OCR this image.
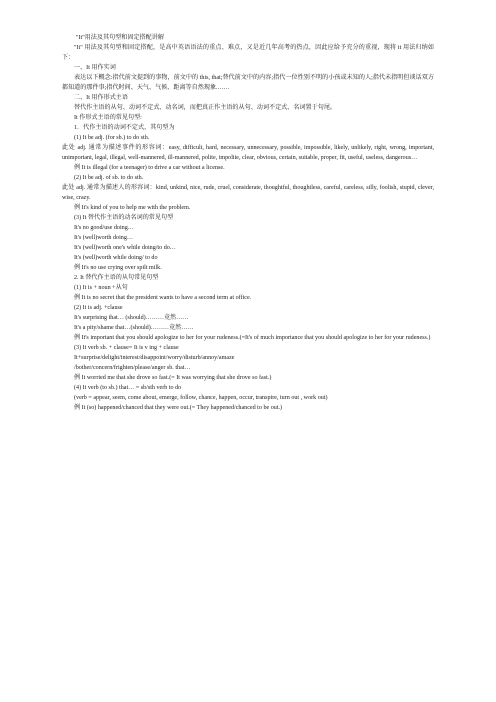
"It"用法及其句型和固定搭配讲解
"It" 用法及其句型和固定搭配，是高中英语语法的重点、难点，又是近几年高考的热点，因此应给予充分的重视，现将 it 用法归纳如下：
一、It 用作实词
表达以下概念:指代前文提到的事物，前文中的 this, that;替代前文中的内容;指代一位性别不明的小孩或未知的人;指代未指明但谈话双方都知道的那件事;指代时间、天气、气候、距离等自然现象.……
二、It 用作形式主语
替代作主语的从句、动词不定式、动名词，而把真正作主语的从句、动词不定式、名词置于句尾。
It 作形式主语的常见句型:
1．代作主语的动词不定式，其句型为
(1) It be adj. (for sb.) to do sth.
此处 adj. 通常为描述事件的形容词：easy, difficult, hard, necessary, unnecessary, possible, impossible, likely, unlikely, right, wrong, important, unimportant, legal, illegal, well-mannered, ill-mannered, polite, impolite, clear, obvious, certain, suitable, proper, fit, useful, useless, dangerous…
例 It is illegal (for a teenager) to drive a car without a license.
(2) It be adj. of sb. to do sth.
此处 adj. 通常为描述人的形容词：kind, unkind, nice, rude, cruel, considerate, thoughtful, thoughtless, careful, careless, silly, foolish, stupid, clever, wise, crazy.
例 It's kind of you to help me with the problem.
(3) It 替代作主语的动名词的常见句型
It's no good/use doing…
It's (well)worth doing…
It's (well)worth one's while doing/to do…
It's (well)worth while doing/ to do
例 It's no use crying over spilt milk.
2. It 替代作主语的从句常见句型
(1) It is + noun +从句
例 It is no secret that the president wants to have a second term at office.
(2) It is adj. +clause
It's surprising that… (should)………竟然……
It's a pity/shame that…(should)………竟然……
例 It's important that you should apologize to her for your rudeness.(=It's of much importance that you should apologize to her for your rudeness.)
(3) It verb sb. + clause= It is v ing + clause
It+surprise/delight/interest/disappoint/worry/disturb/annoy/amaze
/bother/concern/frighten/please/anger sb. that…
例 It worried me that she drove so fast.(= It was worrying that she drove so fast.)
(4) It verb (to sb.) that… = sb/sth verb to do
(verb = appear, seem, come about, emerge, follow, chance, happen, occur, transpire, turn out , work out)
例 It (so) happened/chanced that they were out.(= They happened/chanced to be out.)
